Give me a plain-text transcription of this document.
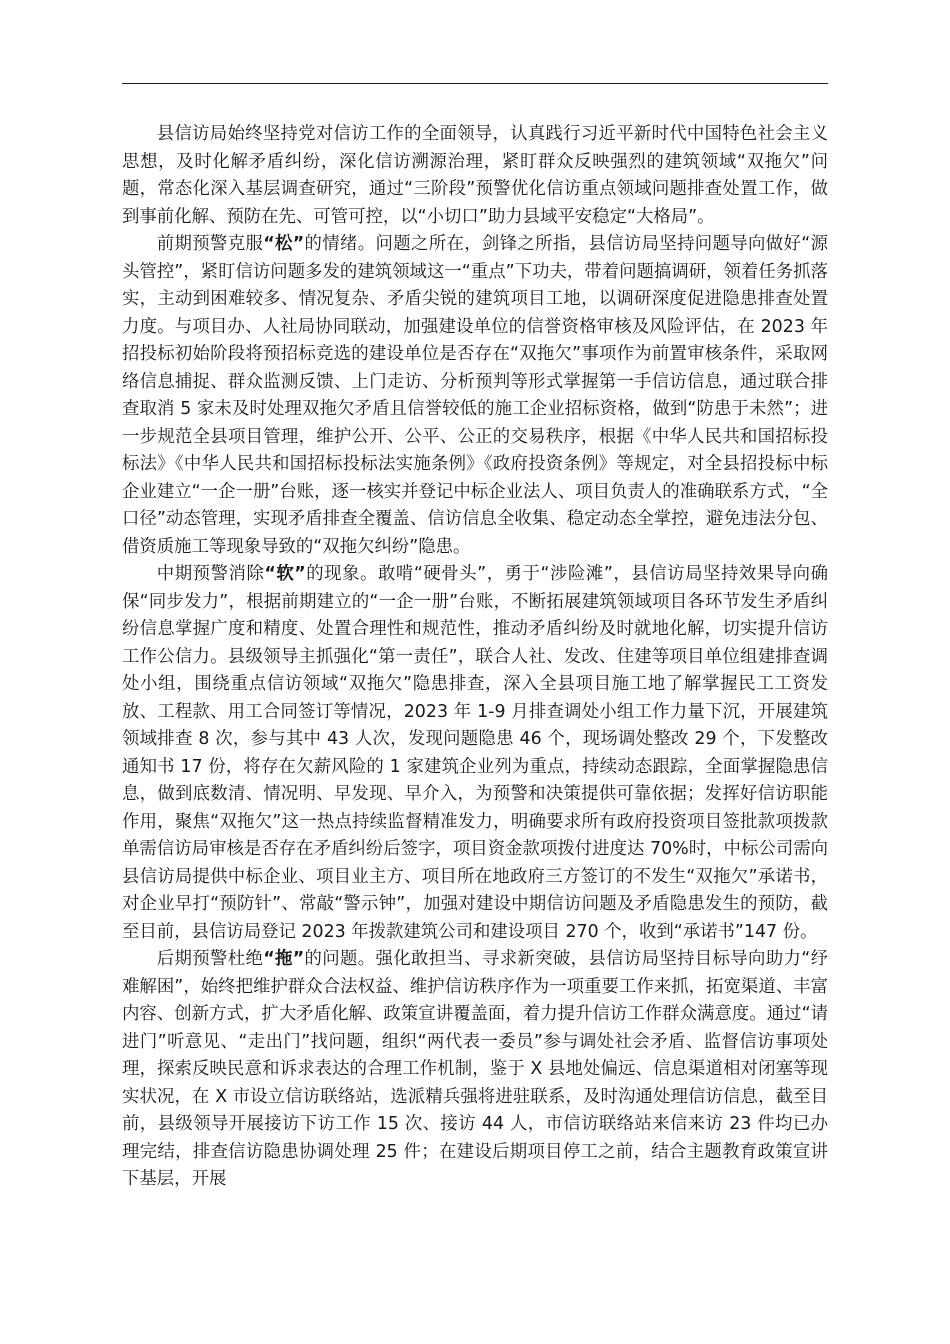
县信访局始终坚持党对信访工作的全面领导，认真践行习近平新时代中国特色社会主义思想，及时化解矛盾纠纷，深化信访溯源治理，紧盯群众反映强烈的建筑领域“双拖欠”问题，常态化深入基层调查研究，通过“三阶段”预警优化信访重点领域问题排查处置工作，做到事前化解、预防在先、可管可控，以“小切口”助力县域平安稳定“大格局”。

前期预警克服“松”的情绪。问题之所在，剑锋之所指，县信访局坚持问题导向做好“源头管控”，紧盯信访问题多发的建筑领域这一“重点”下功夫，带着问题搞调研，领着任务抓落实，主动到困难较多、情况复杂、矛盾尖锐的建筑项目工地，以调研深度促进隐患排查处置力度。与项目办、人社局协同联动，加强建设单位的信誉资格审核及风险评估，在 2023 年招投标初始阶段将预招标竞选的建设单位是否存在“双拖欠”事项作为前置审核条件，采取网络信息捕捉、群众监测反馈、上门走访、分析预判等形式掌握第一手信访信息，通过联合排查取消 5 家未及时处理双拖欠矛盾且信誉较低的施工企业招标资格，做到“防患于未然”；进一步规范全县项目管理，维护公开、公平、公正的交易秩序，根据《中华人民共和国招标投标法》《中华人民共和国招标投标法实施条例》《政府投资条例》等规定，对全县招投标中标企业建立“一企一册”台账，逐一核实并登记中标企业法人、项目负责人的准确联系方式，“全口径”动态管理，实现矛盾排查全覆盖、信访信息全收集、稳定动态全掌控，避免违法分包、借资质施工等现象导致的“双拖欠纠纷”隐患。

中期预警消除“软”的现象。敢啃“硬骨头”，勇于“涉险滩”，县信访局坚持效果导向确保“同步发力”，根据前期建立的“一企一册”台账，不断拓展建筑领域项目各环节发生矛盾纠纷信息掌握广度和精度、处置合理性和规范性，推动矛盾纠纷及时就地化解，切实提升信访工作公信力。县级领导主抓强化“第一责任”，联合人社、发改、住建等项目单位组建排查调处小组，围绕重点信访领域“双拖欠”隐患排查，深入全县项目施工地了解掌握民工工资发放、工程款、用工合同签订等情况，2023 年 1-9 月排查调处小组工作力量下沉，开展建筑领域排查 8 次，参与其中 43 人次，发现问题隐患 46 个，现场调处整改 29 个，下发整改通知书 17 份，将存在欠薪风险的 1 家建筑企业列为重点，持续动态跟踪，全面掌握隐患信息，做到底数清、情况明、早发现、早介入，为预警和决策提供可靠依据；发挥好信访职能作用，聚焦“双拖欠”这一热点持续监督精准发力，明确要求所有政府投资项目签批款项拨款单需信访局审核是否存在矛盾纠纷后签字，项目资金款项拨付进度达 70%时，中标公司需向县信访局提供中标企业、项目业主方、项目所在地政府三方签订的不发生“双拖欠”承诺书，对企业早打“预防针”、常敲“警示钟”，加强对建设中期信访问题及矛盾隐患发生的预防，截至目前，县信访局登记 2023 年拨款建筑公司和建设项目 270 个，收到“承诺书”147 份。

后期预警杜绝“拖”的问题。强化敢担当、寻求新突破，县信访局坚持目标导向助力“纾难解困”，始终把维护群众合法权益、维护信访秩序作为一项重要工作来抓，拓宽渠道、丰富内容、创新方式，扩大矛盾化解、政策宣讲覆盖面，着力提升信访工作群众满意度。通过“请进门”听意见、“走出门”找问题，组织“两代表一委员”参与调处社会矛盾、监督信访事项处理，探索反映民意和诉求表达的合理工作机制，鉴于 X 县地处偏远、信息渠道相对闭塞等现实状况，在 X 市设立信访联络站，选派精兵强将进驻联系，及时沟通处理信访信息，截至目前，县级领导开展接访下访工作 15 次、接访 44 人，市信访联络站来信来访 23 件均已办理完结，排查信访隐患协调处理 25 件；在建设后期项目停工之前，结合主题教育政策宣讲下基层，开展
